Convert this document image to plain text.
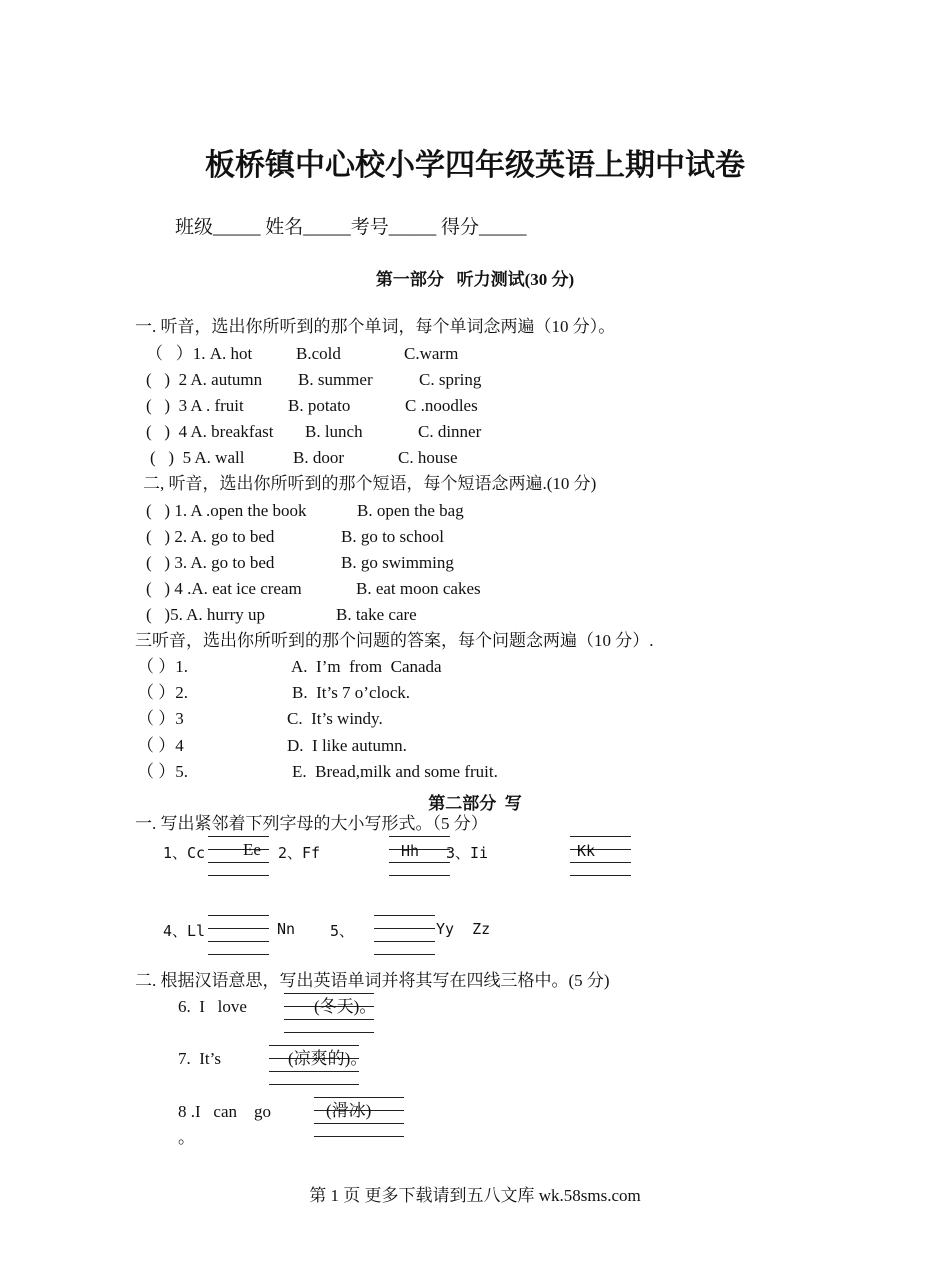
板桥镇中心校小学四年级英语上期中试卷
班级_____ 姓名_____考号_____ 得分_____
第一部分   听力测试(30 分)
一. 听音，选出你所听到的那个单词，每个单词念两遍（10 分）。
（   ）1. A. hot	B.cold	C.warm
(   )  2 A. autumn B. summer	C. spring
(   )  3 A . fruit	B. potato	C .noodles
(   )  4 A. breakfast B. lunch	C. dinner
(   )  5 A. wall	B. door	C. house
二, 听音，选出你所听到的那个短语，每个短语念两遍.(10 分)
(   ) 1. A .open the book	B. open the bag
(   ) 2. A. go to bed	B. go to school
(   ) 3. A. go to bed	B. go swimming
(   ) 4 .A. eat ice cream	B. eat moon cakes
(   )5. A. hurry up	B. take care
三听音，选出你所听到的那个问题的答案，每个问题念两遍（10 分）.
（ ）1.	A.  I’m  from  Canada
（ ）2.	B.  It’s 7 o’clock.
（ ）3	C.  It’s windy.
（ ）4	D.  I like autumn.
（ ）5.	E.  Bread,milk and some fruit.
第二部分  写
一. 写出紧邻着下列字母的大小写形式。（5 分）
1、Cc Ee 2、Ff	Hh 3、Ii	Kk
4、Ll	Nn 5、	Yy  Zz
二. 根据汉语意思，写出英语单词并将其写在四线三格中。(5 分)
6.  I   love	(冬天)。
7.  It’s	(凉爽的)。
8 .I   can    go	(滑冰)
。
第 1 页 更多下载请到五八文库 wk.58sms.com
